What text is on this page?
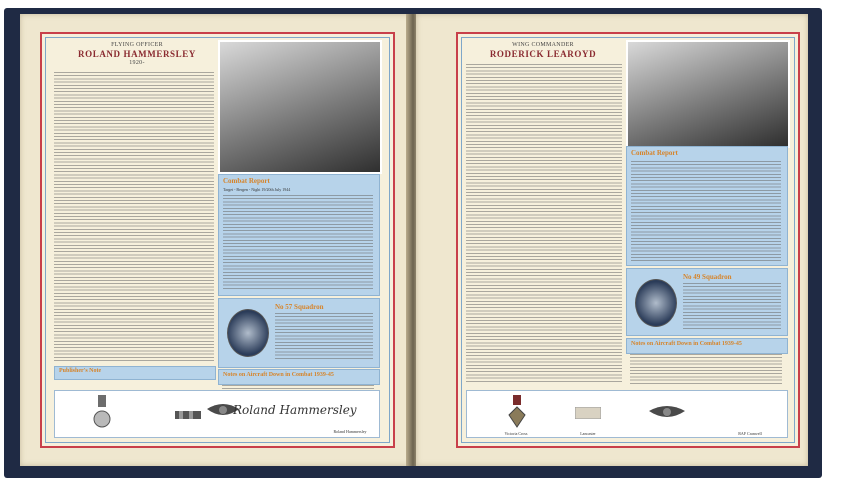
FLYING OFFICER
ROLAND HAMMERSLEY
1920-
Combat Report
Target - Bergen - Night 19/20th July 1944
No 57 Squadron
Notes on Aircraft Down in Combat 1939-45
Publisher's Note
Roland Hammersley
Roland Hammersley
WING COMMANDER
RODERICK LEAROYD
Combat Report
No 49 Squadron
Notes on Aircraft Down in Combat 1939-45
Victoria Cross	Lancaster	RAF Cranwell
